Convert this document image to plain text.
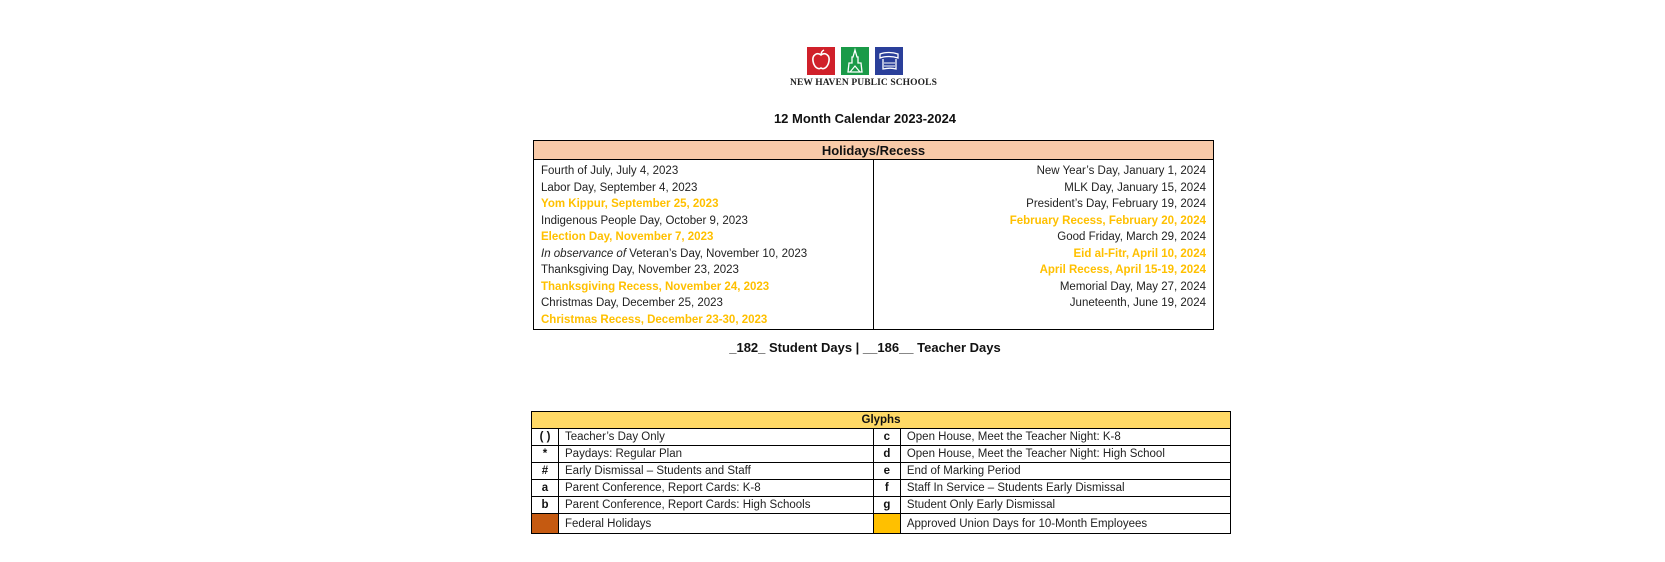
NEW HAVEN PUBLIC SCHOOLS
12 Month Calendar 2023-2024
Holidays/Recess

Fourth of July, July 4, 2023
Labor Day, September 4, 2023
Yom Kippur, September 25, 2023
Indigenous People Day, October 9, 2023
Election Day, November 7, 2023
In observance of Veteran’s Day, November 10, 2023
Thanksgiving Day, November 23, 2023
Thanksgiving Recess, November 24, 2023
Christmas Day, December 25, 2023
Christmas Recess, December 23-30, 2023

New Year’s Day, January 1, 2024
MLK Day, January 15, 2024
President’s Day, February 19, 2024
February Recess, February 20, 2024
Good Friday, March 29, 2024
Eid al-Fitr, April 10, 2024
April Recess, April 15-19, 2024
Memorial Day, May 27, 2024
Juneteenth, June 19, 2024
_182_ Student Days | __186__ Teacher Days
Glyphs			
( )	Teacher’s Day Only	c	Open House, Meet the Teacher Night: K-8
*	Paydays: Regular Plan	d	Open House, Meet the Teacher Night: High School
#	Early Dismissal – Students and Staff	e	End of Marking Period
a	Parent Conference, Report Cards: K-8	f	Staff In Service – Students Early Dismissal
b	Parent Conference, Report Cards: High Schools	g	Student Only Early Dismissal
	Federal Holidays		Approved Union Days for 10-Month Employees
